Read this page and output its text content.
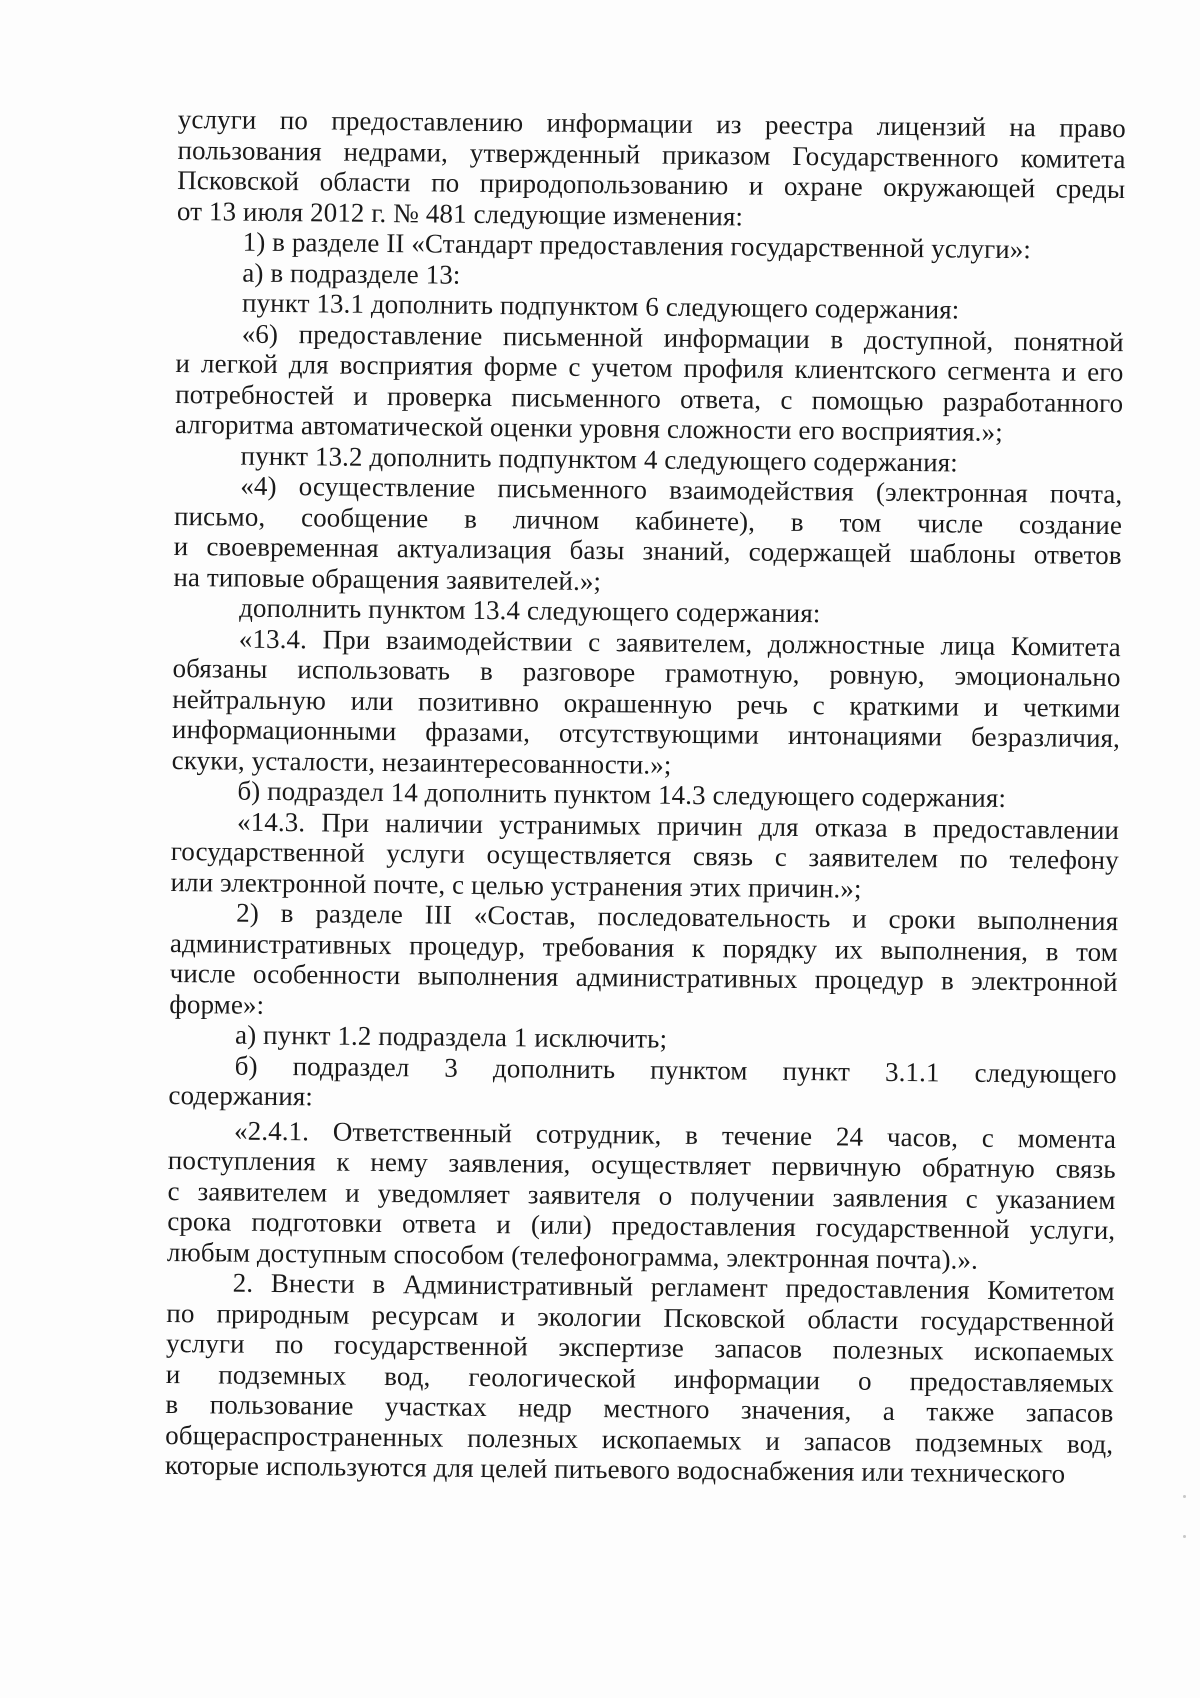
услуги по предоставлению информации из реестра лицензий на право
пользования недрами, утвержденный приказом Государственного комитета
Псковской области по природопользованию и охране окружающей среды
от 13 июля 2012 г. № 481 следующие изменения:
1) в разделе II «Стандарт предоставления государственной услуги»:
а) в подразделе 13:
пункт 13.1 дополнить подпунктом 6 следующего содержания:
«6) предоставление письменной информации в доступной, понятной
и легкой для восприятия форме с учетом профиля клиентского сегмента и его
потребностей и проверка письменного ответа, с помощью разработанного
алгоритма автоматической оценки уровня сложности его восприятия.»;
пункт 13.2 дополнить подпунктом 4 следующего содержания:
«4) осуществление письменного взаимодействия (электронная почта,
письмо, сообщение в личном кабинете), в том числе создание
и своевременная актуализация базы знаний, содержащей шаблоны ответов
на типовые обращения заявителей.»;
дополнить пунктом 13.4 следующего содержания:
«13.4. При взаимодействии с заявителем, должностные лица Комитета
обязаны использовать в разговоре грамотную, ровную, эмоционально
нейтральную или позитивно окрашенную речь с краткими и четкими
информационными фразами, отсутствующими интонациями безразличия,
скуки, усталости, незаинтересованности.»;
б) подраздел 14 дополнить пунктом 14.3 следующего содержания:
«14.3. При наличии устранимых причин для отказа в предоставлении
государственной услуги осуществляется связь с заявителем по телефону
или электронной почте, с целью устранения этих причин.»;
2) в разделе III «Состав, последовательность и сроки выполнения
административных процедур, требования к порядку их выполнения, в том
числе особенности выполнения административных процедур в электронной
форме»:
а) пункт 1.2 подраздела 1 исключить;
б) подраздел 3 дополнить пунктом пункт 3.1.1 следующего
содержания:
«2.4.1. Ответственный сотрудник, в течение 24 часов, с момента
поступления к нему заявления, осуществляет первичную обратную связь
с заявителем и уведомляет заявителя о получении заявления с указанием
срока подготовки ответа и (или) предоставления государственной услуги,
любым доступным способом (телефонограмма, электронная почта).».
2. Внести в Административный регламент предоставления Комитетом
по природным ресурсам и экологии Псковской области государственной
услуги по государственной экспертизе запасов полезных ископаемых
и подземных вод, геологической информации о предоставляемых
в пользование участках недр местного значения, а также запасов
общераспространенных полезных ископаемых и запасов подземных вод,
которые используются для целей питьевого водоснабжения или технического
